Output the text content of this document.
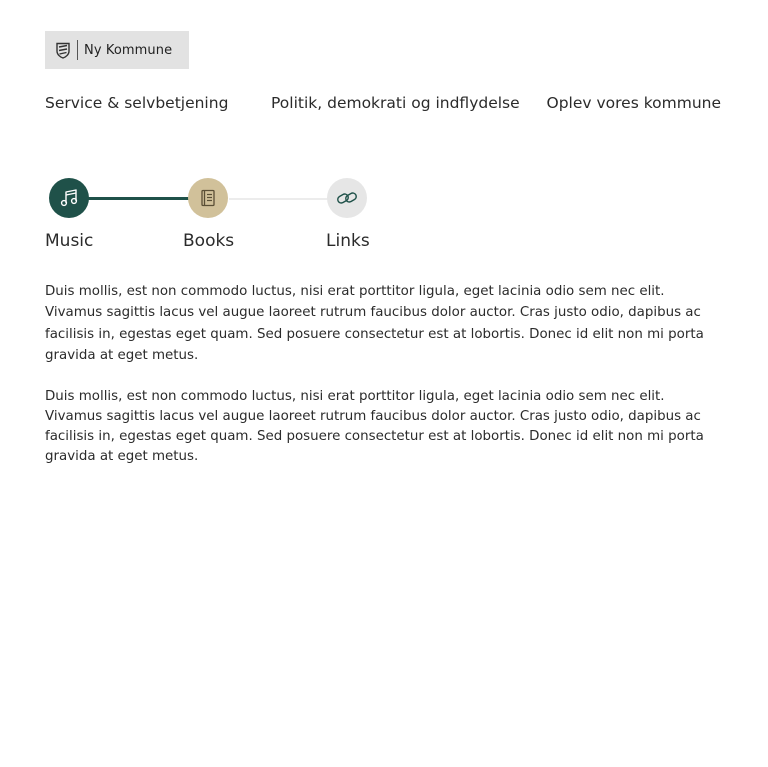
Ny Kommune
Service & selvbetjening	Politik, demokrati og indflydelse Oplev vores kommune
Music	Books	Links

Duis mollis, est non commodo luctus, nisi erat porttitor ligula, eget lacinia odio sem nec elit. Vivamus sagittis lacus vel augue laoreet rutrum faucibus dolor auctor. Cras justo odio, dapibus ac facilisis in, egestas eget quam. Sed posuere consectetur est at lobortis. Donec id elit non mi porta gravida at eget metus.

Duis mollis, est non commodo luctus, nisi erat porttitor ligula, eget lacinia odio sem nec elit. Vivamus sagittis lacus vel augue laoreet rutrum faucibus dolor auctor. Cras justo odio, dapibus ac facilisis in, egestas eget quam. Sed posuere consectetur est at lobortis. Donec id elit non mi porta gravida at eget metus.
